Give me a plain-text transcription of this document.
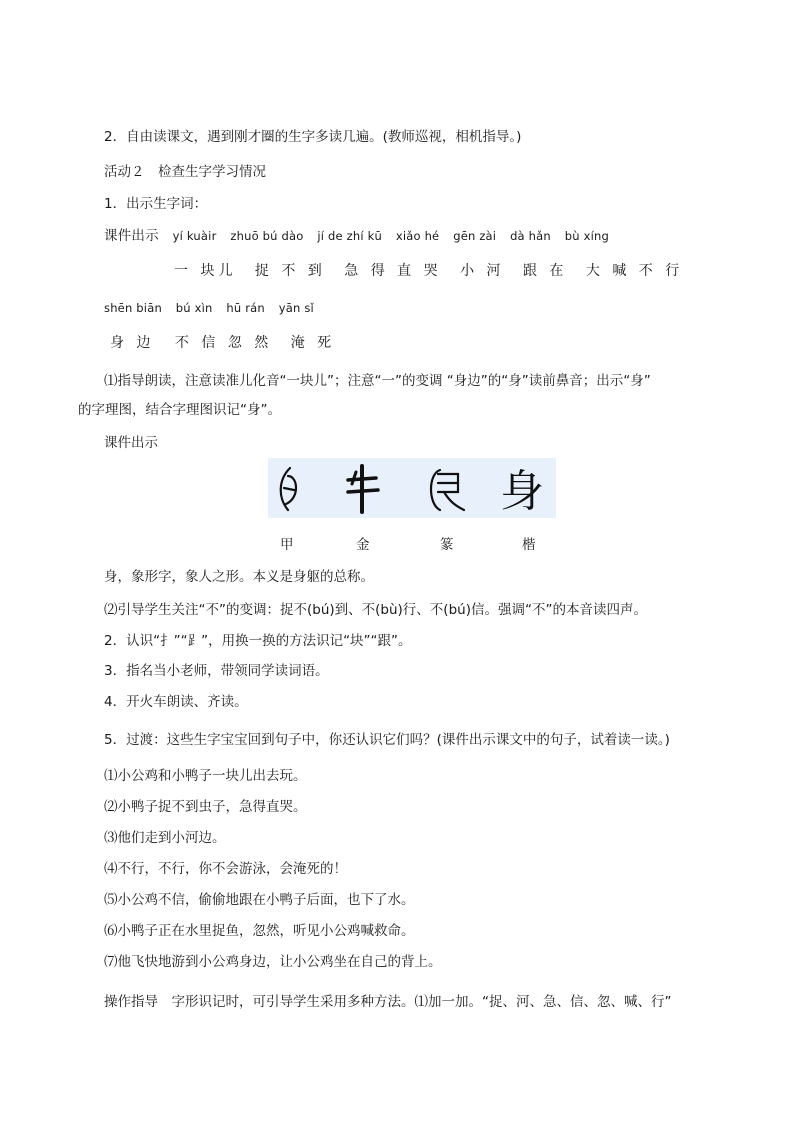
2．自由读课文，遇到刚才圈的生字多读几遍。(教师巡视，相机指导。)
活动２　检查生字学习情况
1．出示生字词：
课件出示 yí kuàir zhuō bú dào jí de zhí kū xiǎo hé gēn zài dà hǎn bù xíng
一 块儿 捉 不 到 急 得 直 哭 小 河 跟 在 大 喊 不 行
shēn biān bú xìn hū rán yān sǐ
身 边 不 信 忽 然 淹 死
⑴指导朗读，注意读准儿化音“一块儿”；注意“一”的变调 “身边”的“身”读前鼻音；出示“身”
的字理图，结合字理图识记“身”。
课件出示
身
甲	金	篆	楷
身，象形字，象人之形。本义是身躯的总称。
⑵引导学生关注“不”的变调：捉不(bú)到、不(bù)行、不(bú)信。强调“不”的本音读四声。
2．认识“扌”“⻊”，用换一换的方法识记“块”“跟”。
3．指名当小老师，带领同学读词语。
4．开火车朗读、齐读。
5．过渡：这些生字宝宝回到句子中，你还认识它们吗？(课件出示课文中的句子，试着读一读。)
⑴小公鸡和小鸭子一块儿出去玩。
⑵小鸭子捉不到虫子，急得直哭。
⑶他们走到小河边。
⑷不行，不行，你不会游泳，会淹死的！
⑸小公鸡不信，偷偷地跟在小鸭子后面，也下了水。
⑹小鸭子正在水里捉鱼，忽然，听见小公鸡喊救命。
⑺他飞快地游到小公鸡身边，让小公鸡坐在自己的背上。
操作指导　字形识记时，可引导学生采用多种方法。⑴加一加。“捉、河、急、信、忽、喊、行”
